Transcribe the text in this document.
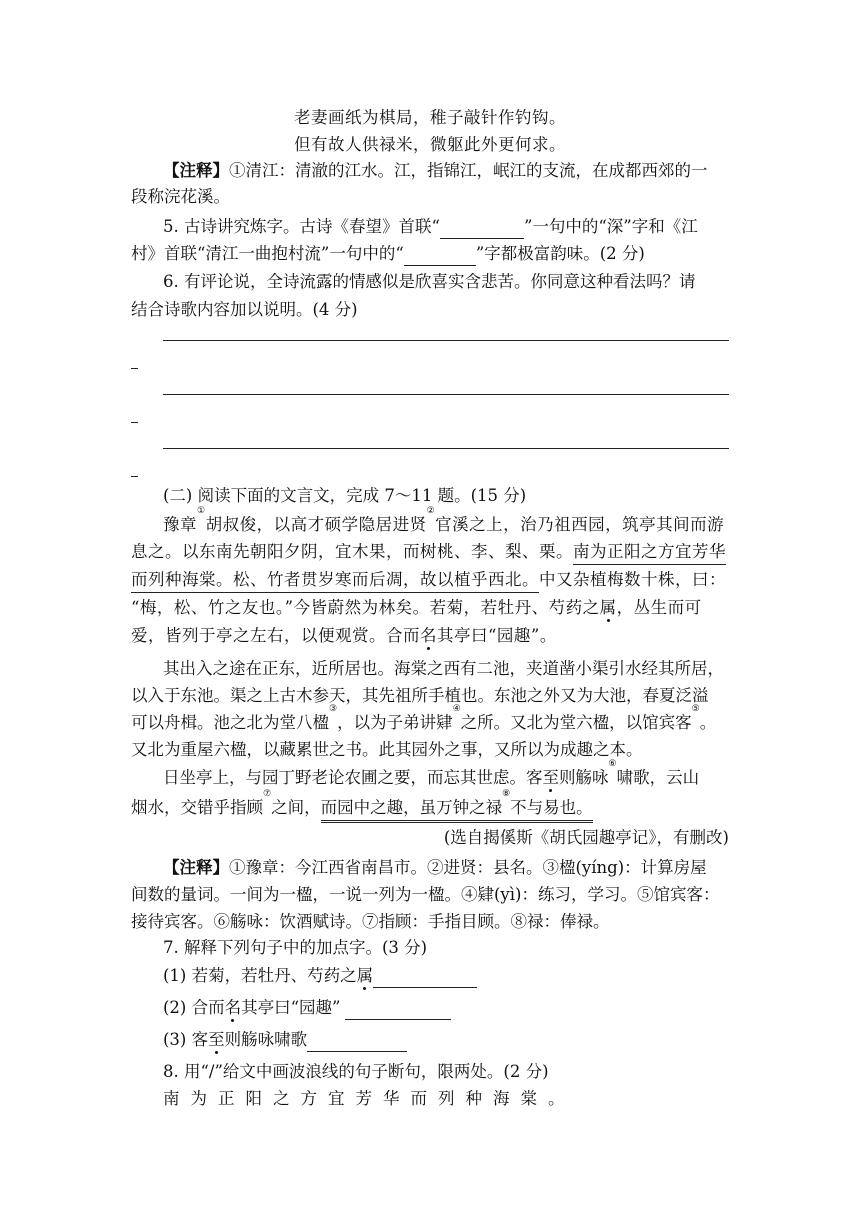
老妻画纸为棋局，稚子敲针作钓钩。
但有故人供禄米，微躯此外更何求。
【注释】①清江：清澈的江水。江，指锦江，岷江的支流，在成都西郊的一
段称浣花溪。
5. 古诗讲究炼字。古诗《春望》首联“	”一句中的“深”字和《江
村》首联“清江一曲抱村流”一句中的“	”字都极富韵味。(2 分)
6. 有评论说，全诗流露的情感似是欣喜实含悲苦。你同意这种看法吗？请
结合诗歌内容加以说明。(4 分)
(二) 阅读下面的文言文，完成 7～11 题。(15 分)
豫章①胡叔俊，以高才硕学隐居进贤②官溪之上，治乃祖西园，筑亭其间而游
息之。以东南先朝阳夕阴，宜木果，而树桃、李、梨、栗。南为正阳之方宜芳华
而列种海棠。松、竹者贯岁寒而后凋，故以植乎西北。中又杂植梅数十株，曰：
“梅，松、竹之友也。”今皆蔚然为林矣。若菊，若牡丹、芍药之属，丛生而可
爱，皆列于亭之左右，以便观赏。合而名其亭曰“园趣”。
其出入之途在正东，近所居也。海棠之西有二池，夹道凿小渠引水经其所居，
以入于东池。渠之上古木参天，其先祖所手植也。东池之外又为大池，春夏泛溢
可以舟楫。池之北为堂八楹③，以为子弟讲肄④之所。又北为堂六楹，以馆宾客⑤。
又北为重屋六楹，以藏累世之书。此其园外之事，又所以为成趣之本。
日坐亭上，与园丁野老论农圃之要，而忘其世虑。客至则觞咏⑥啸歌，云山
烟水，交错乎指顾⑦之间，而园中之趣，虽万钟之禄⑧不与易也。
(选自揭傒斯《胡氏园趣亭记》，有删改)
【注释】①豫章：今江西省南昌市。②进贤：县名。③楹(yíng)：计算房屋
间数的量词。一间为一楹，一说一列为一楹。④肄(yì)：练习，学习。⑤馆宾客：
接待宾客。⑥觞咏：饮酒赋诗。⑦指顾：手指目顾。⑧禄：俸禄。
7. 解释下列句子中的加点字。(3 分)
(1) 若菊，若牡丹、芍药之属
(2) 合而名其亭曰“园趣”
(3) 客至则觞咏啸歌
8. 用“/”给文中画波浪线的句子断句，限两处。(2 分)
南为正阳之方宜芳华而列种海棠。
